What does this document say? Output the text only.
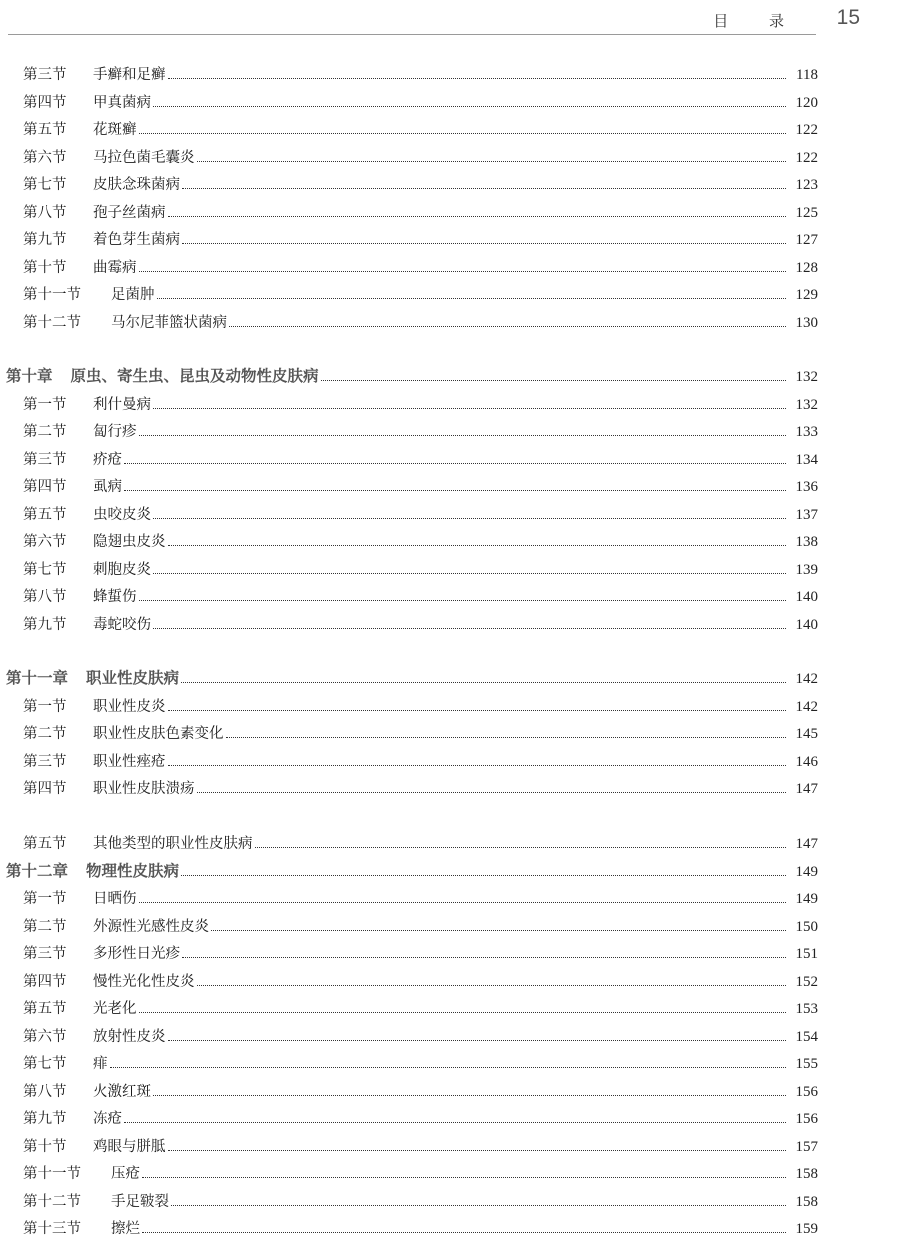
目 录 15
第三节	手癣和足癣	118
第四节	甲真菌病	120
第五节	花斑癣	122
第六节	马拉色菌毛囊炎	122
第七节	皮肤念珠菌病	123
第八节	孢子丝菌病	125
第九节	着色芽生菌病	127
第十节	曲霉病	128
第十一节	足菌肿	129
第十二节	马尔尼菲篮状菌病	130
第十章 原虫、寄生虫、昆虫及动物性皮肤病	132
第一节	利什曼病	132
第二节	匐行疹	133
第三节	疥疮	134
第四节	虱病	136
第五节	虫咬皮炎	137
第六节	隐翅虫皮炎	138
第七节	刺胞皮炎	139
第八节	蜂蜇伤	140
第九节	毒蛇咬伤	140
第十一章 职业性皮肤病	142
第一节	职业性皮炎	142
第二节	职业性皮肤色素变化	145
第三节	职业性痤疮	146
第四节	职业性皮肤溃疡	147
第五节	其他类型的职业性皮肤病	147
第十二章 物理性皮肤病	149
第一节	日晒伤	149
第二节	外源性光感性皮炎	150
第三节	多形性日光疹	151
第四节	慢性光化性皮炎	152
第五节	光老化	153
第六节	放射性皮炎	154
第七节	痱	155
第八节	火激红斑	156
第九节	冻疮	156
第十节	鸡眼与胼胝	157
第十一节	压疮	158
第十二节	手足皲裂	158
第十三节	擦烂	159
